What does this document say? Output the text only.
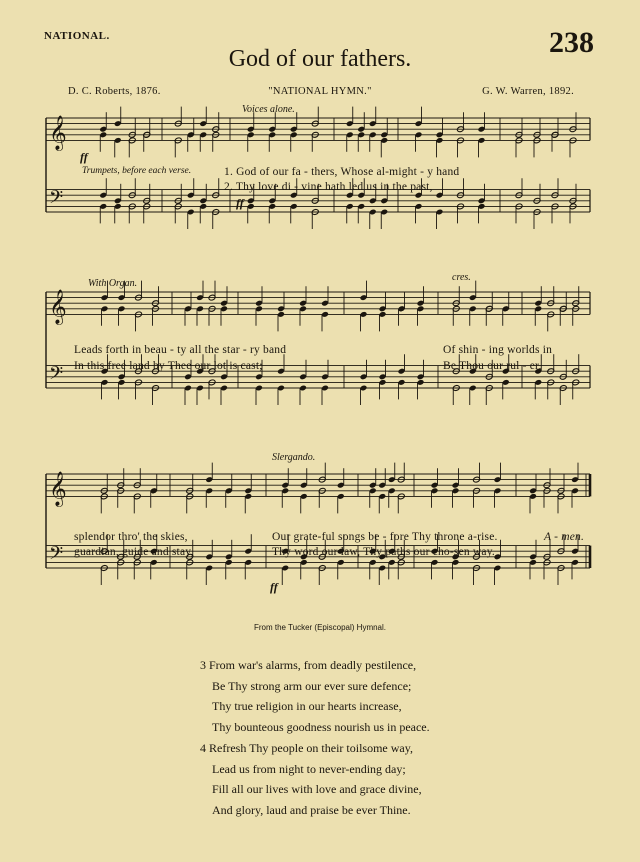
NATIONAL.	238
God of our fathers.
D. C. Roberts, 1876.	"NATIONAL HYMN."	G. W. Warren, 1892.
𝄞
𝄢
𝄞
𝄢
𝄞
𝄢
Voices alone.
Trumpets, before each verse.
With Organ.
cres.
Slergando.
ff
ff
ff
1. God of our fa - thers, Whose al-might - y hand
2. Thy love di - vine hath led us in the past,
Leads forth in beau - ty all the star - ry band	Of shin - ing worlds in
In this free land by Thee our lot is cast;	Be Thou our rul - er,
splendor thro' the skies,	Our grate-ful songs be - fore Thy throne a-rise.	A - men.
guardian, guide and stay,	Thy word our law, Thy paths our cho-sen way.
From the Tucker (Episcopal) Hymnal.
3 From war's alarms, from deadly pestilence,
Be Thy strong arm our ever sure defence;
Thy true religion in our hearts increase,
Thy bounteous goodness nourish us in peace.
4 Refresh Thy people on their toilsome way,
Lead us from night to never-ending day;
Fill all our lives with love and grace divine,
And glory, laud and praise be ever Thine.
